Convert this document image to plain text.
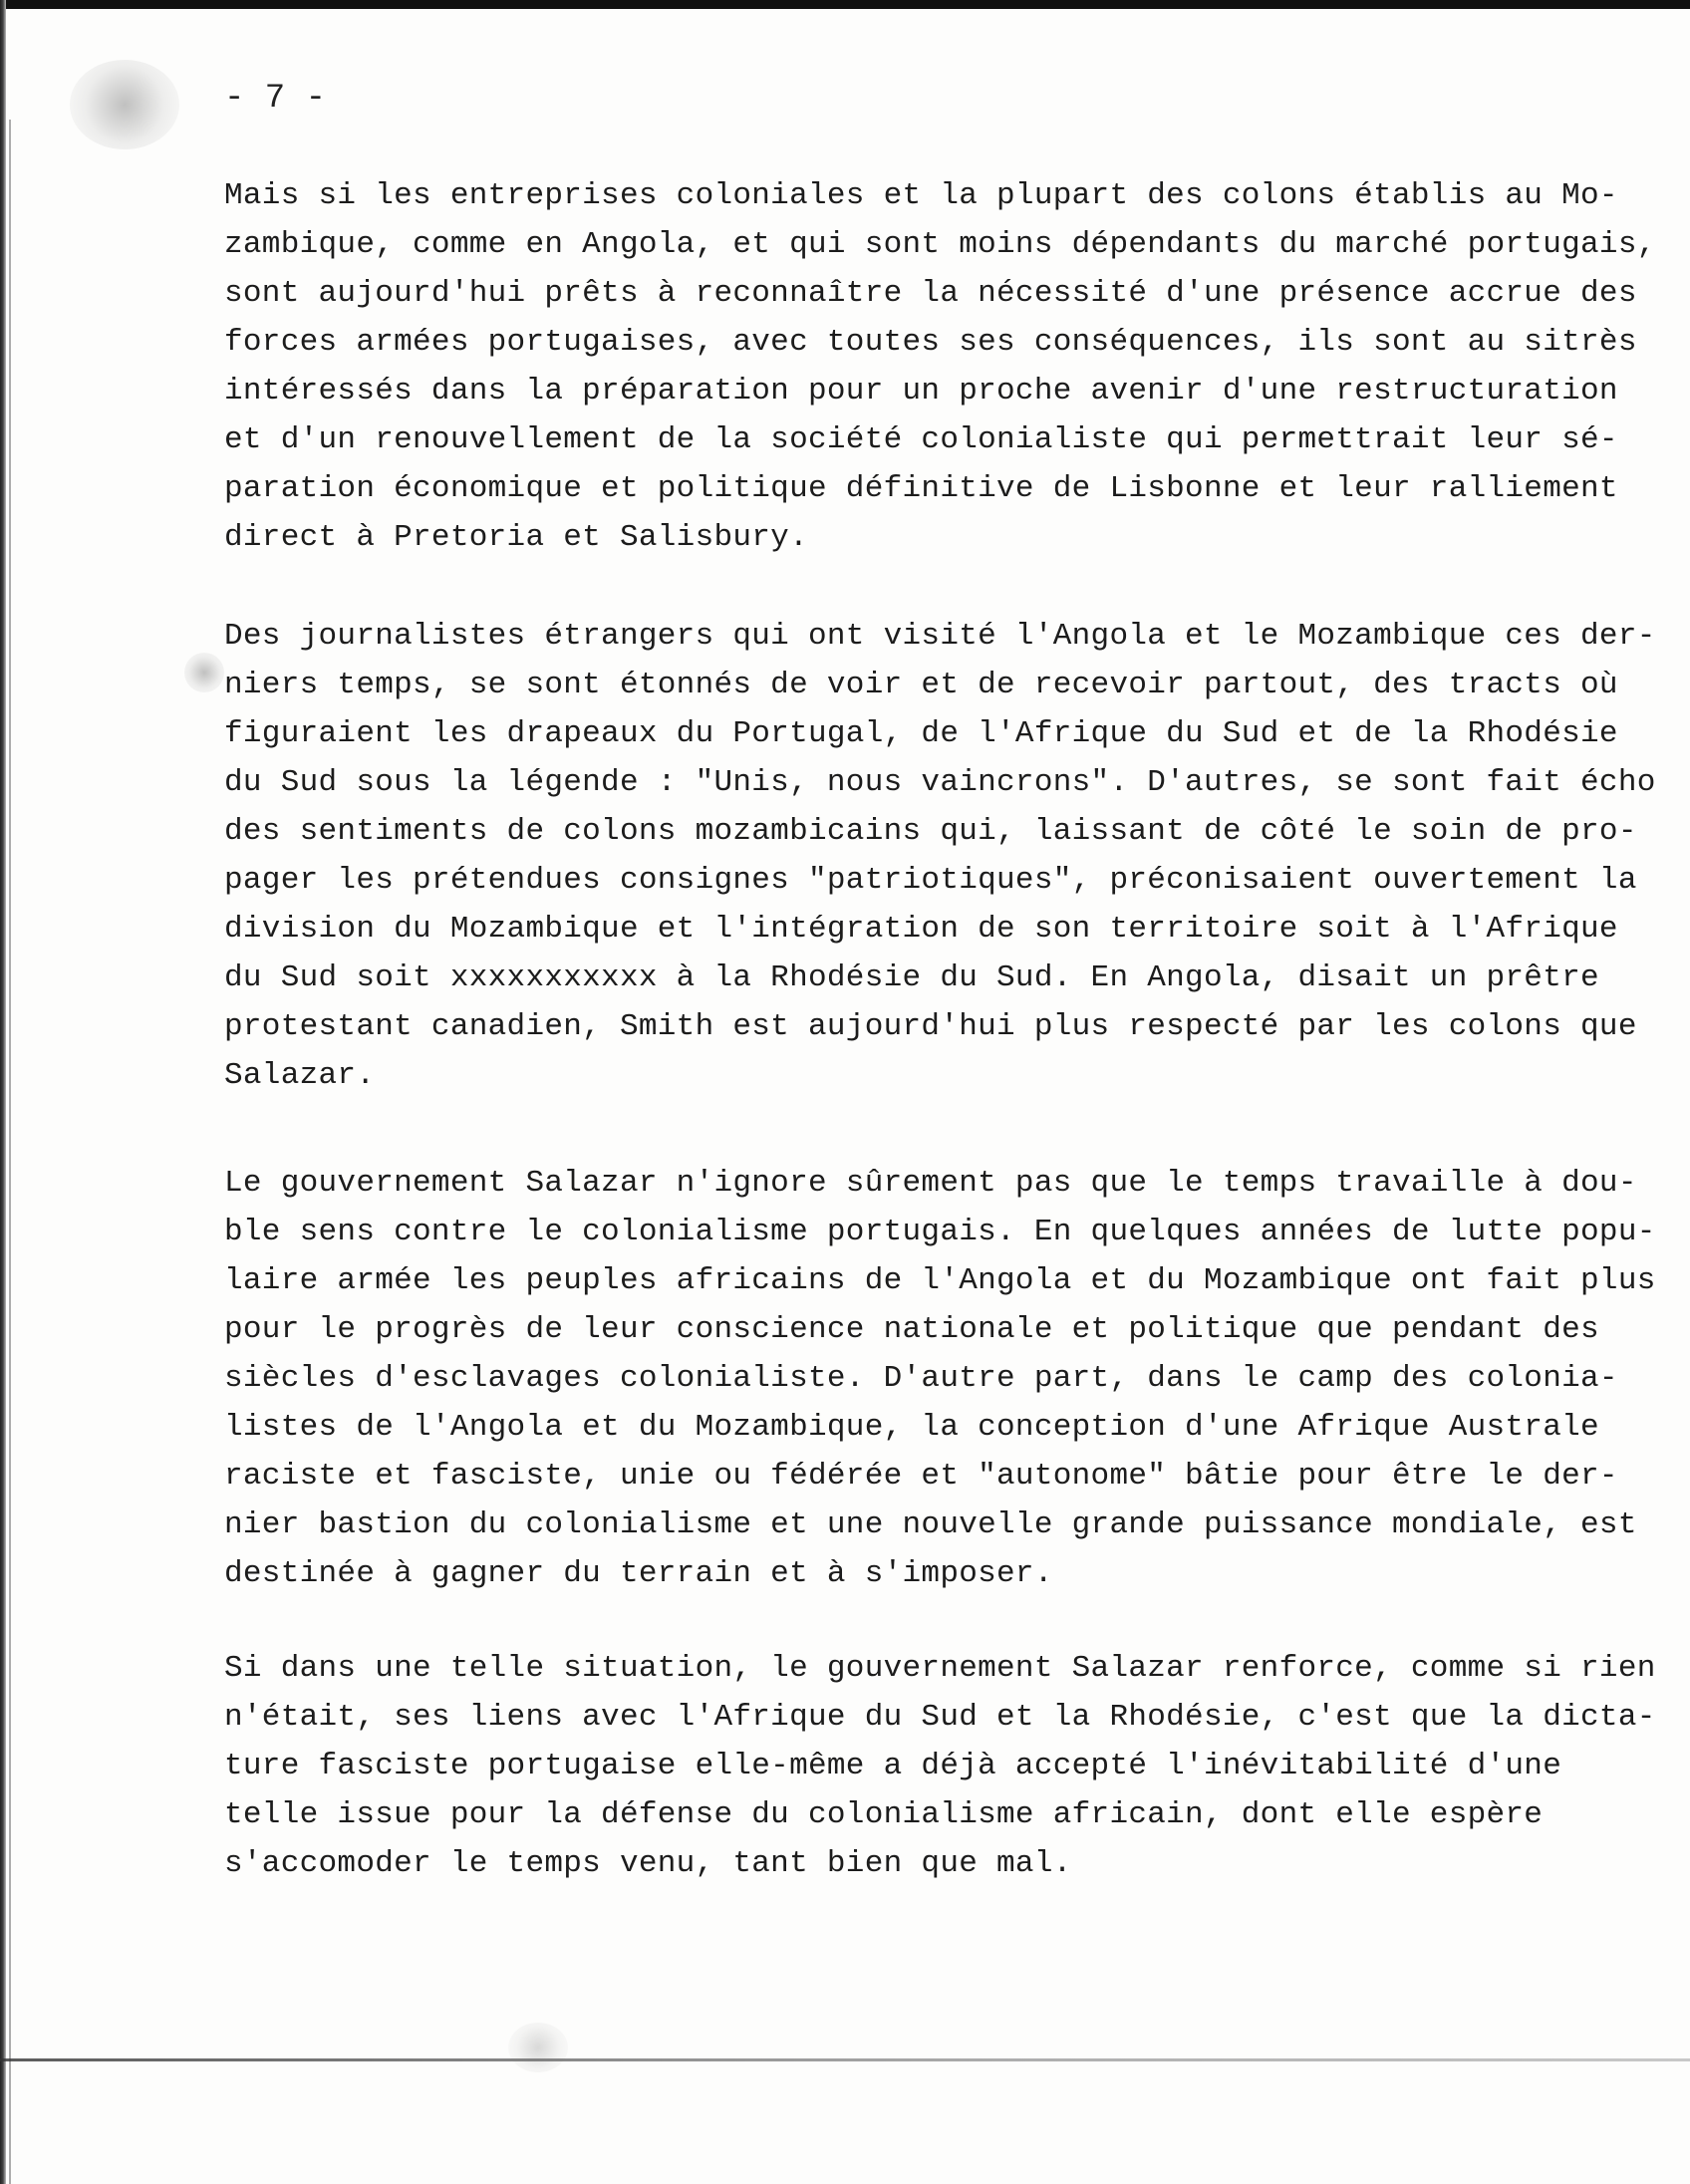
- 7 -
Mais si les entreprises coloniales et la plupart des colons établis au Mo-
zambique, comme en Angola, et qui sont moins dépendants du marché portugais,
sont aujourd'hui prêts à reconnaître la nécessité d'une présence accrue des
forces armées portugaises, avec toutes ses conséquences, ils sont au sitrès
intéressés dans la préparation pour un proche avenir d'une restructuration
et d'un renouvellement de la société colonialiste qui permettrait leur sé-
paration économique et politique définitive de Lisbonne et leur ralliement
direct à Pretoria et Salisbury.
Des journalistes étrangers qui ont visité l'Angola et le Mozambique ces der-
niers temps, se sont étonnés de voir et de recevoir partout, des tracts où
figuraient les drapeaux du Portugal, de l'Afrique du Sud et de la Rhodésie
du Sud sous la légende : "Unis, nous vaincrons". D'autres, se sont fait écho
des sentiments de colons mozambicains qui, laissant de côté le soin de pro-
pager les prétendues consignes "patriotiques", préconisaient ouvertement la
division du Mozambique et l'intégration de son territoire soit à l'Afrique
du Sud soit xxxxxxxxxxx à la Rhodésie du Sud. En Angola, disait un prêtre
protestant canadien, Smith est aujourd'hui plus respecté par les colons que
Salazar.
Le gouvernement Salazar n'ignore sûrement pas que le temps travaille à dou-
ble sens contre le colonialisme portugais. En quelques années de lutte popu-
laire armée les peuples africains de l'Angola et du Mozambique ont fait plus
pour le progrès de leur conscience nationale et politique que pendant des
siècles d'esclavages colonialiste. D'autre part, dans le camp des colonia-
listes de l'Angola et du Mozambique, la conception d'une Afrique Australe
raciste et fasciste, unie ou fédérée et "autonome" bâtie pour être le der-
nier bastion du colonialisme et une nouvelle grande puissance mondiale, est
destinée à gagner du terrain et à s'imposer.
Si dans une telle situation, le gouvernement Salazar renforce, comme si rien
n'était, ses liens avec l'Afrique du Sud et la Rhodésie, c'est que la dicta-
ture fasciste portugaise elle-même a déjà accepté l'inévitabilité d'une
telle issue pour la défense du colonialisme africain, dont elle espère
s'accomoder le temps venu, tant bien que mal.
